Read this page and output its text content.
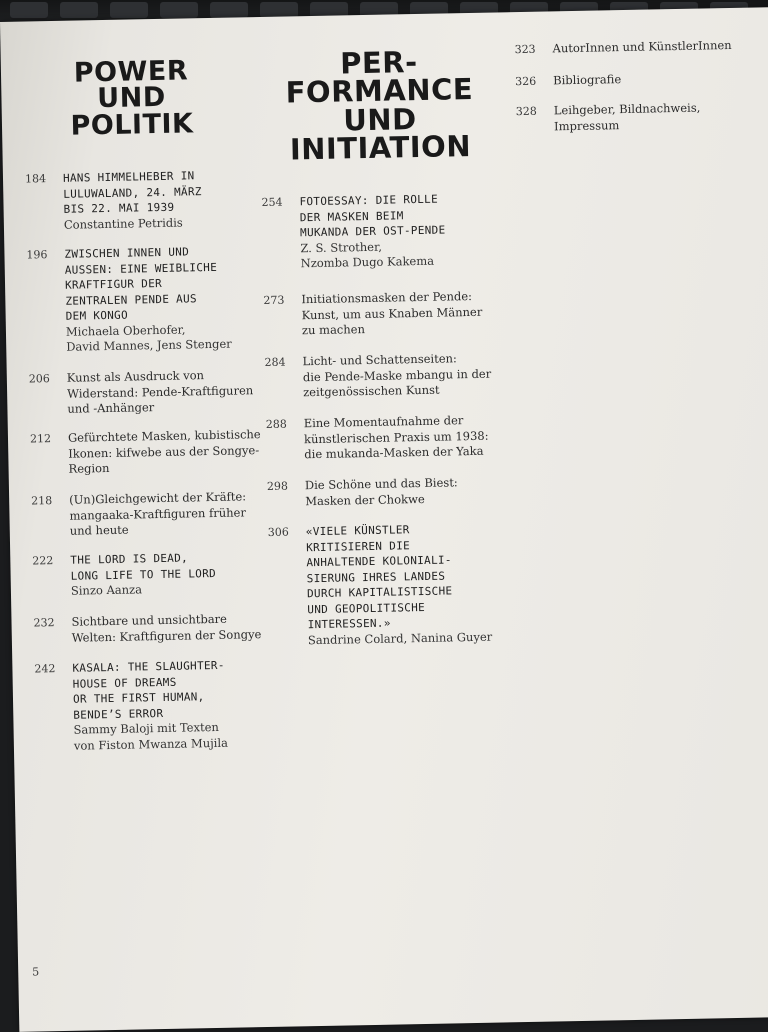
POWER
UND
POLITIK
PER-
FORMANCE
UND
INITIATION
184	HANS HIMMELHEBER IN
LULUWALAND, 24. MÄRZ
BIS 22. MAI 1939
Constantine Petridis
196	ZWISCHEN INNEN UND
AUSSEN: EINE WEIBLICHE
KRAFTFIGUR DER
ZENTRALEN PENDE AUS
DEM KONGO
Michaela Oberhofer,
David Mannes, Jens Stenger
206	Kunst als Ausdruck von
Widerstand: Pende-Kraftfiguren
und -Anhänger
212	Gefürchtete Masken, kubistische
Ikonen: kifwebe aus der Songye-
Region
218	(Un)Gleichgewicht der Kräfte:
mangaaka-Kraftfiguren früher
und heute
222	THE LORD IS DEAD,
LONG LIFE TO THE LORD
Sinzo Aanza
232	Sichtbare und unsichtbare
Welten: Kraftfiguren der Songye
242	KASALA: THE SLAUGHTER-
HOUSE OF DREAMS
OR THE FIRST HUMAN,
BENDE’S ERROR
Sammy Baloji mit Texten
von Fiston Mwanza Mujila
254	FOTOESSAY: DIE ROLLE
DER MASKEN BEIM
MUKANDA DER OST-PENDE
Z. S. Strother,
Nzomba Dugo Kakema
273	Initiationsmasken der Pende:
Kunst, um aus Knaben Männer
zu machen
284	Licht- und Schattenseiten:
die Pende-Maske mbangu in der
zeitgenössischen Kunst
288	Eine Momentaufnahme der
künstlerischen Praxis um 1938:
die mukanda-Masken der Yaka
298	Die Schöne und das Biest:
Masken der Chokwe
306	«VIELE KÜNSTLER
KRITISIEREN DIE
ANHALTENDE KOLONIALI-
SIERUNG IHRES LANDES
DURCH KAPITALISTISCHE
UND GEOPOLITISCHE
INTERESSEN.»
Sandrine Colard, Nanina Guyer
323	AutorInnen und KünstlerInnen
326	Bibliografie
328	Leihgeber, Bildnachweis,
Impressum
5
